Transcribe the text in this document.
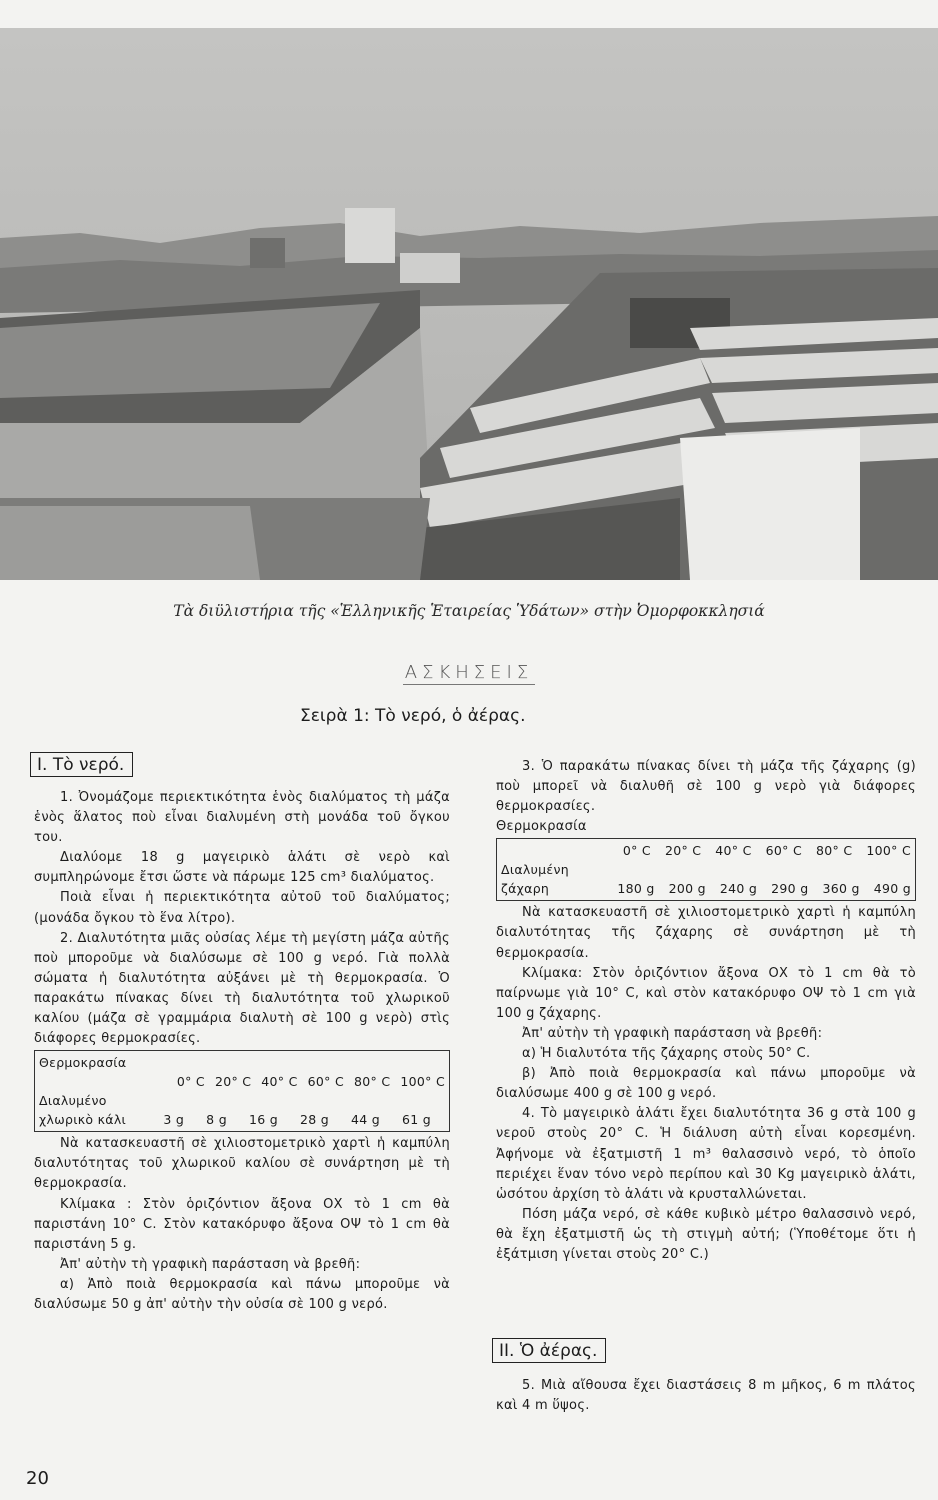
Τὰ διϋλιστήρια τῆς «Ἑλληνικῆς Ἑταιρείας Ὑδάτων» στὴν Ὀμορφοκκλησιά
ΑΣΚΗΣΕΙΣ
Σειρὰ 1: Τὸ νερό, ὁ ἀέρας.
Ι. Τὸ νερό.

1. Ὀνομάζομε περιεκτικότητα ἑνὸς διαλύματος τὴ μάζα ἑνὸς ἅλατος ποὺ εἶναι διαλυμένη στὴ μονάδα τοῦ ὄγκου του.

Διαλύομε 18 g μαγειρικὸ ἁλάτι σὲ νερὸ καὶ συμπληρώνομε ἔτσι ὥστε νὰ πάρωμε 125 cm³ διαλύματος.

Ποιὰ εἶναι ἡ περιεκτικότητα αὐτοῦ τοῦ διαλύματος; (μονάδα ὄγκου τὸ ἕνα λίτρο).

2. Διαλυτότητα μιᾶς οὐσίας λέμε τὴ μεγίστη μάζα αὐτῆς ποὺ μποροῦμε νὰ διαλύσωμε σὲ 100 g νερό. Γιὰ πολλὰ σώματα ἡ διαλυτότητα αὐξάνει μὲ τὴ θερμοκρασία. Ὁ παρακάτω πίνακας δίνει τὴ διαλυτότητα τοῦ χλωρικοῦ καλίου (μάζα σὲ γραμμάρια διαλυτὴ σὲ 100 g νερὸ) στὶς διάφορες θερμοκρασίες.

Θερμοκρασία
0° C 20° C 40° C 60° C 80° C 100° C
Διαλυμένο
χλωρικὸ κάλι	3 g 8 g 16 g 28 g 44 g 61 g

Νὰ κατασκευαστῆ σὲ χιλιοστομετρικὸ χαρτὶ ἡ καμπύλη διαλυτότητας τοῦ χλωρικοῦ καλίου σὲ συνάρτηση μὲ τὴ θερμοκρασία.

Κλίμακα : Στὸν ὁριζόντιον ἄξονα ΟΧ τὸ 1 cm θὰ παριστάνη 10° C. Στὸν κατακόρυφο ἄξονα ΟΨ τὸ 1 cm θὰ παριστάνη 5 g.

Ἀπ' αὐτὴν τὴ γραφικὴ παράσταση νὰ βρεθῆ:

α) Ἀπὸ ποιὰ θερμοκρασία καὶ πάνω μποροῦμε νὰ διαλύσωμε 50 g ἀπ' αὐτὴν τὴν οὐσία σὲ 100 g νερό.

3. Ὁ παρακάτω πίνακας δίνει τὴ μάζα τῆς ζάχαρης (g) ποὺ μπορεῖ νὰ διαλυθῆ σὲ 100 g νερὸ γιὰ διάφορες θερμοκρασίες.

Θερμοκρασία

0° C 20° C 40° C 60° C 80° C 100° C
Διαλυμένη
ζάχαρη	180 g 200 g 240 g 290 g 360 g 490 g

Νὰ κατασκευαστῆ σὲ χιλιοστομετρικὸ χαρτὶ ἡ καμπύλη διαλυτότητας τῆς ζάχαρης σὲ συνάρτηση μὲ τὴ θερμοκρασία.

Κλίμακα: Στὸν ὁριζόντιον ἄξονα ΟΧ τὸ 1 cm θὰ τὸ παίρνωμε γιὰ 10° C, καὶ στὸν κατακόρυφο ΟΨ τὸ 1 cm γιὰ 100 g ζάχαρης.

Ἀπ' αὐτὴν τὴ γραφικὴ παράσταση νὰ βρεθῆ:

α) Ἡ διαλυτότα τῆς ζάχαρης στοὺς 50° C.

β) Ἀπὸ ποιὰ θερμοκρασία καὶ πάνω μποροῦμε νὰ διαλύσωμε 400 g σὲ 100 g νερό.

4. Τὸ μαγειρικὸ ἁλάτι ἔχει διαλυτότητα 36 g στὰ 100 g νεροῦ στοὺς 20° C. Ἡ διάλυση αὐτὴ εἶναι κορεσμένη. Ἀφήνομε νὰ ἐξατμιστῆ 1 m³ θαλασσινὸ νερό, τὸ ὁποῖο περιέχει ἕναν τόνο νερὸ περίπου καὶ 30 Kg μαγειρικὸ ἁλάτι, ὡσότου ἀρχίση τὸ ἁλάτι νὰ κρυσταλλώνεται.

Πόση μάζα νερό, σὲ κάθε κυβικὸ μέτρο θαλασσινὸ νερό, θὰ ἔχη ἐξατμιστῆ ὡς τὴ στιγμὴ αὐτή; (Ὑποθέτομε ὅτι ἡ ἐξάτμιση γίνεται στοὺς 20° C.)

ΙΙ. Ὁ ἀέρας.

5. Μιὰ αἴθουσα ἔχει διαστάσεις 8 m μῆκος, 6 m πλάτος καὶ 4 m ὕψος.

20
